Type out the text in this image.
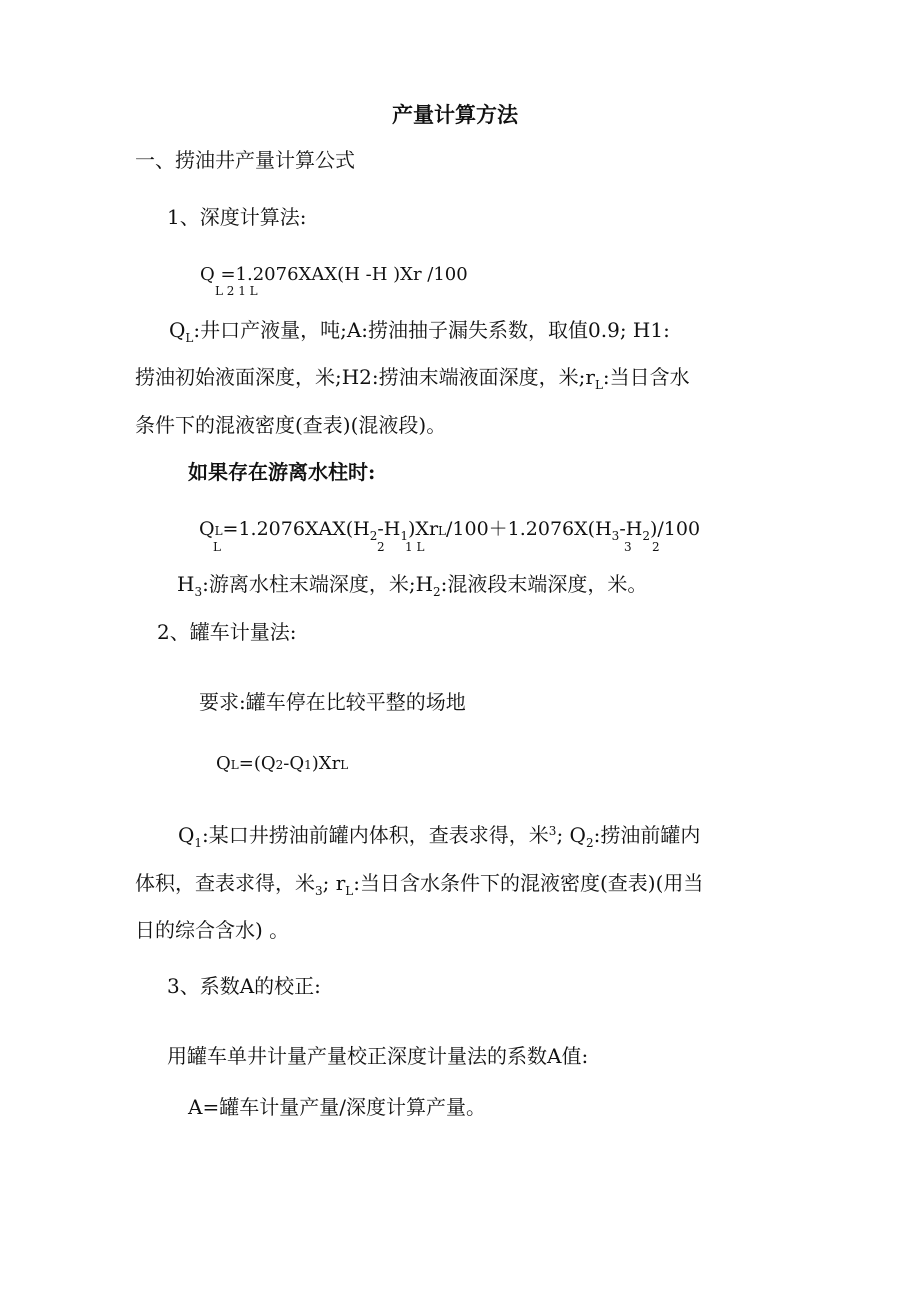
产量计算方法
一、捞油井产量计算公式
1、深度计算法:
Q =1.2076ХAХ(H -H )Хr /100
L 2 1 L
$Q_L$:井口产液量，吨;A:捞油抽子漏失系数，取值0.9; H1:
捞油初始液面深度，米;H2:捞油末端液面深度，米$;r_L$:当日含水
条件下的混液密度(查表)(混液段)。
如果存在游离水柱时:
$QL=1.2076ХAХ(H_2-H_1)ХrL/100+1.2076Х(H_3-H_2)/100$
L	2 1 L	3 2
$H_3$:游离水柱末端深度，米$;H_2$:混液段末端深度，米。
2、罐车计量法:
要求:罐车停在比较平整的场地
QL=(Q2-Q1)ХrL
$Q_1$:某口井捞油前罐内体积，查表求得，米$^3$; $Q_2$:捞油前罐内
体积，查表求得，米$_3$; $r_L$:当日含水条件下的混液密度(查表)(用当
日的综合含水) 。
3、系数A的校正:
用罐车单井计量产量校正深度计量法的系数A值:
A=罐车计量产量/深度计算产量。
